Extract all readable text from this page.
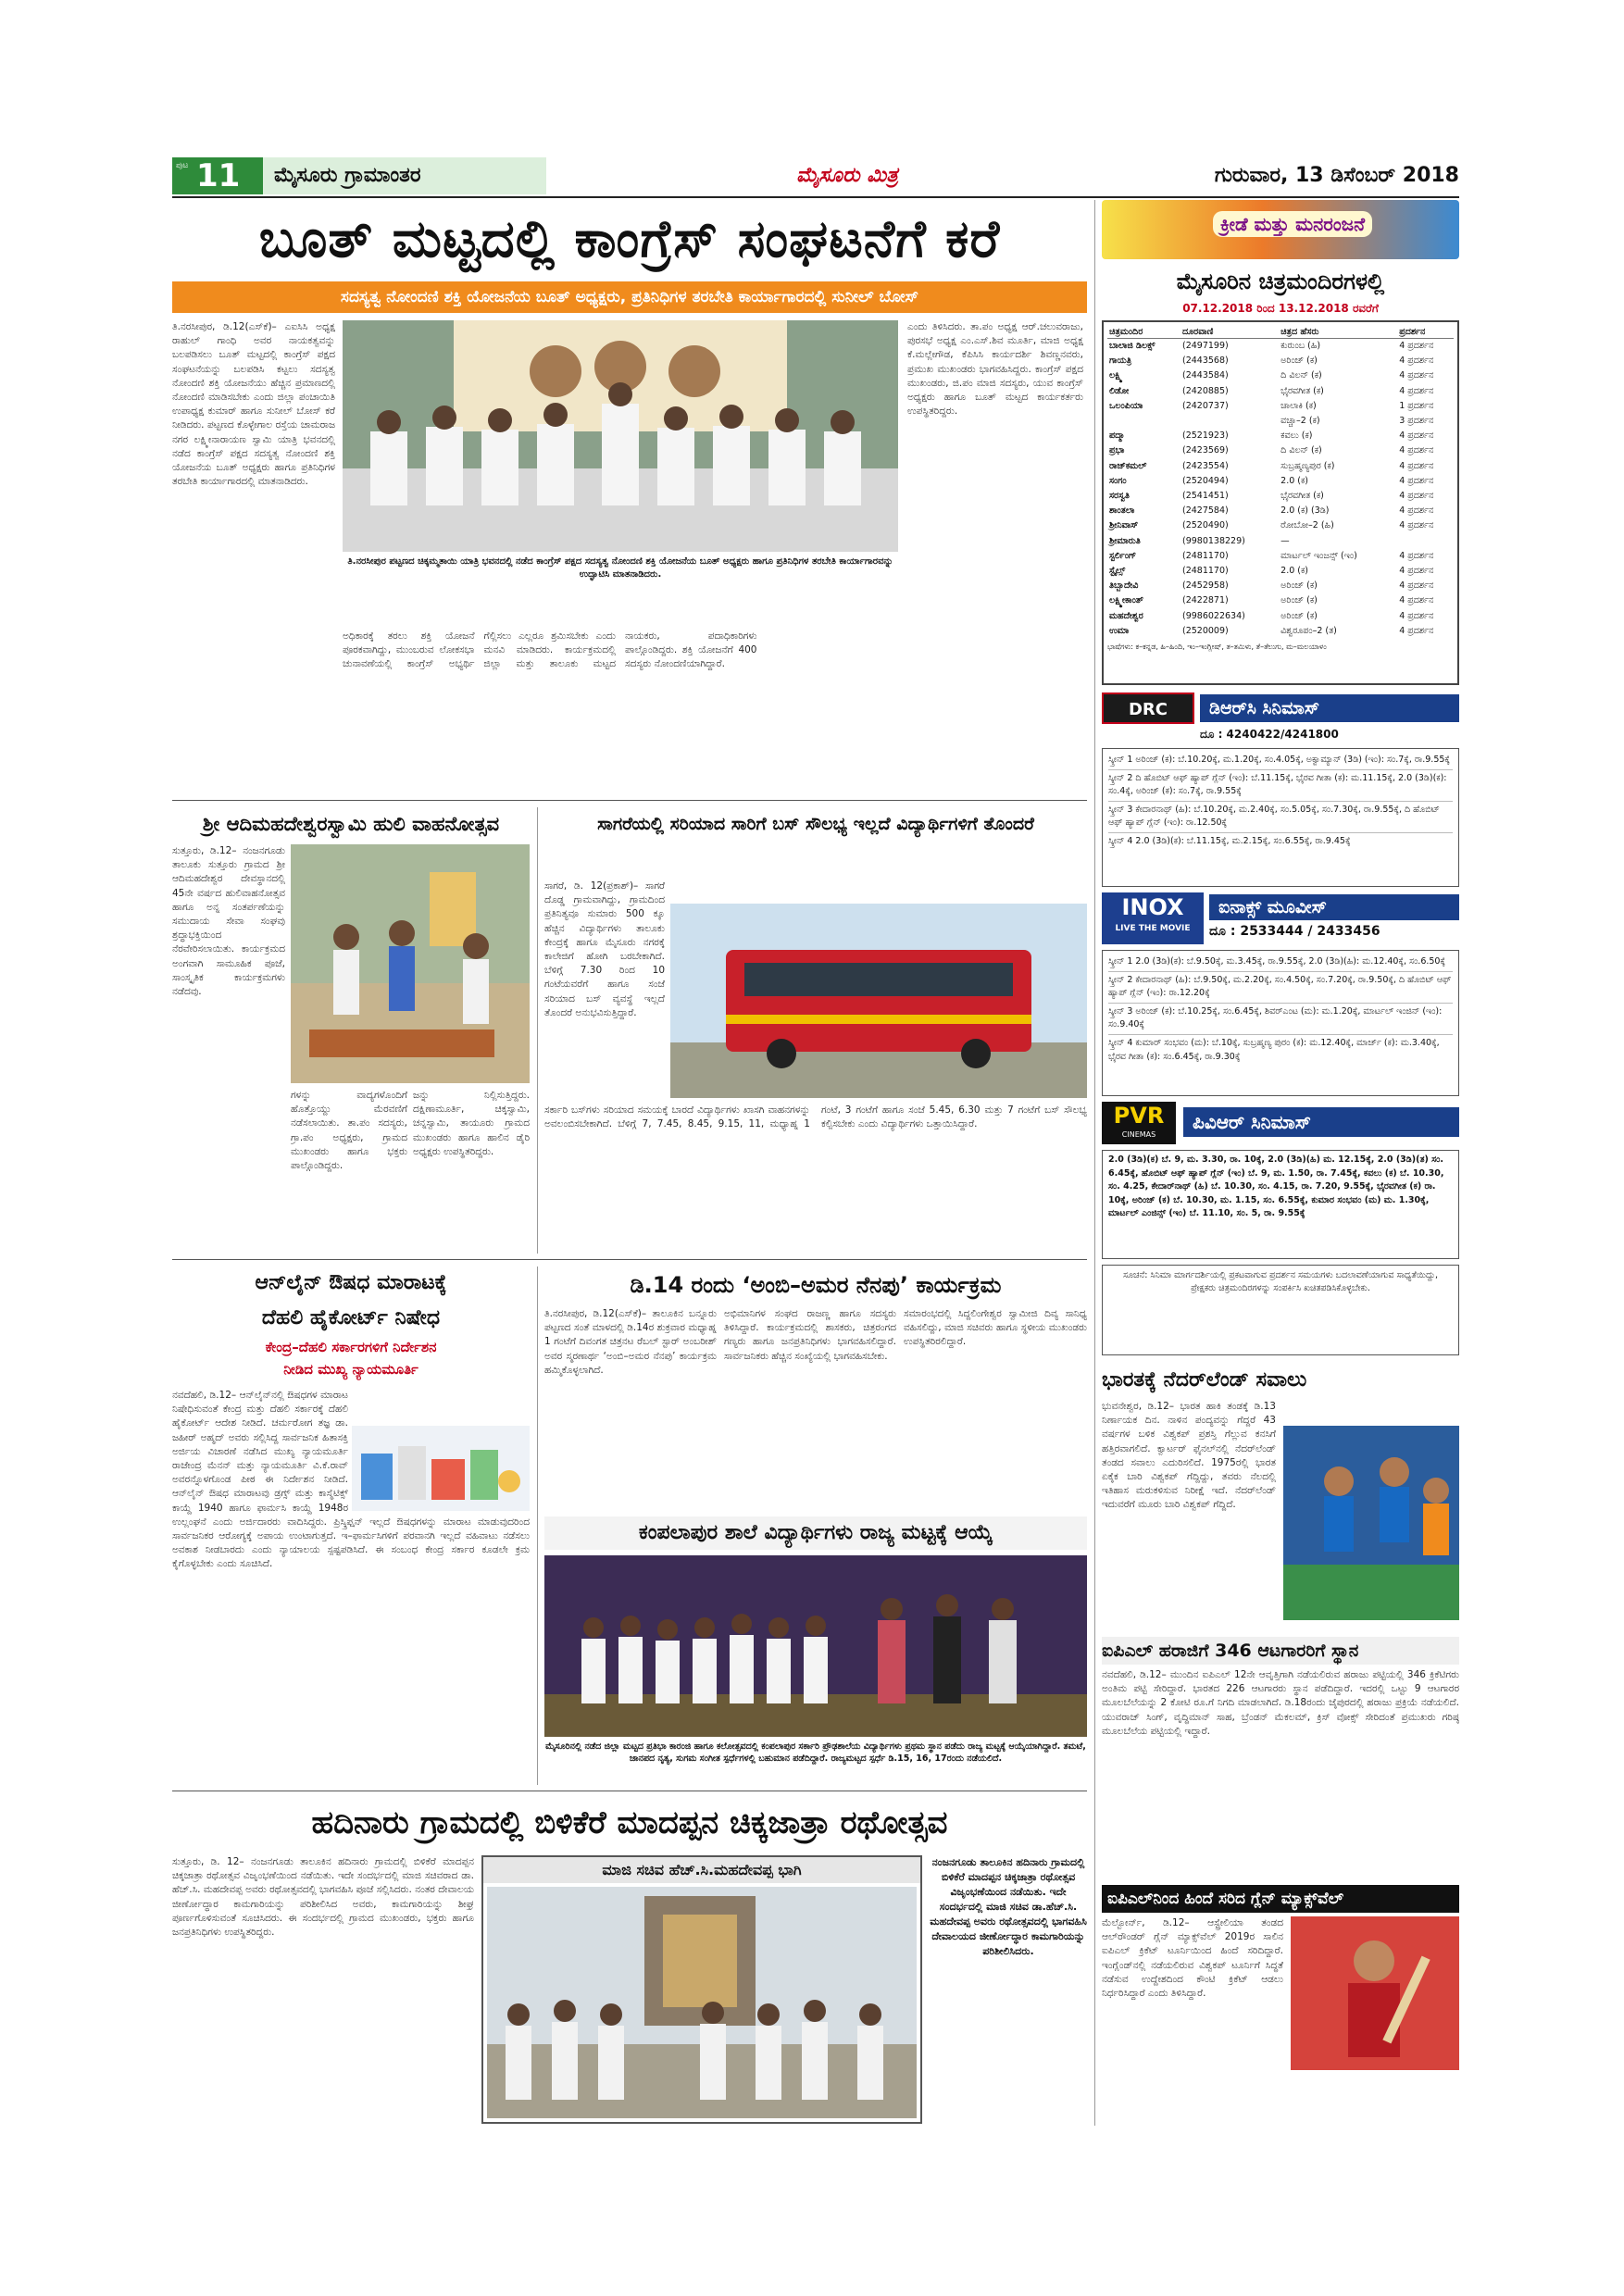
ಪುಟ 11	ಮೈಸೂರು ಗ್ರಾಮಾಂತರ	ಮೈಸೂರು ಮಿತ್ರ	ಗುರುವಾರ, 13 ಡಿಸೆಂಬರ್ 2018
ಬೂತ್ ಮಟ್ಟದಲ್ಲಿ ಕಾಂಗ್ರೆಸ್ ಸಂಘಟನೆಗೆ ಕರೆ
ಸದಸ್ಯತ್ವ ನೋಂದಣಿ ಶಕ್ತಿ ಯೋಜನೆಯ ಬೂತ್ ಅಧ್ಯಕ್ಷರು, ಪ್ರತಿನಿಧಿಗಳ ತರಬೇತಿ ಕಾರ್ಯಾಗಾರದಲ್ಲಿ ಸುನೀಲ್ ಬೋಸ್
ತಿ.ನರಸೀಪುರ, ಡಿ.12(ಎಸ್‌ಕೆ)– ಎಐಸಿಸಿ ಅಧ್ಯಕ್ಷ ರಾಹುಲ್ ಗಾಂಧಿ ಅವರ ನಾಯಕತ್ವವನ್ನು ಬಲಪಡಿಸಲು ಬೂತ್ ಮಟ್ಟದಲ್ಲಿ ಕಾಂಗ್ರೆಸ್ ಪಕ್ಷದ ಸಂಘಟನೆಯನ್ನು ಬಲಪಡಿಸಿ ಕಟ್ಟಲು ಸದಸ್ಯತ್ವ ನೋಂದಣಿ ಶಕ್ತಿ ಯೋಜನೆಯು ಹೆಚ್ಚಿನ ಪ್ರಮಾಣದಲ್ಲಿ ನೋಂದಣಿ ಮಾಡಿಸಬೇಕು ಎಂದು ಜಿಲ್ಲಾ ಪಂಚಾಯಿತಿ ಉಪಾಧ್ಯಕ್ಷ ಕುಮಾರ್ ಹಾಗೂ ಸುನೀಲ್ ಬೋಸ್ ಕರೆ ನೀಡಿದರು. ಪಟ್ಟಣದ ಕೊಳ್ಳೇಗಾಲ ರಸ್ತೆಯ ಚಾಮರಾಜ ನಗರ ಲಕ್ಷ್ಮೀನಾರಾಯಣ ಸ್ವಾಮಿ ಯಾತ್ರಿ ಭವನದಲ್ಲಿ ನಡೆದ ಕಾಂಗ್ರೆಸ್ ಪಕ್ಷದ ಸದಸ್ಯತ್ವ ನೋಂದಣಿ ಶಕ್ತಿ ಯೋಜನೆಯ ಬೂತ್ ಅಧ್ಯಕ್ಷರು ಹಾಗೂ ಪ್ರತಿನಿಧಿಗಳ ತರಬೇತಿ ಕಾರ್ಯಾಗಾರದಲ್ಲಿ ಮಾತನಾಡಿದರು.
ತಿ.ನರಸೀಪುರ ಪಟ್ಟಣದ ಚಿಕ್ಕಮ್ಮತಾಯಿ ಯಾತ್ರಿ ಭವನದಲ್ಲಿ ನಡೆದ ಕಾಂಗ್ರೆಸ್ ಪಕ್ಷದ ಸದಸ್ಯತ್ವ ನೋಂದಣಿ ಶಕ್ತಿ ಯೋಜನೆಯ ಬೂತ್ ಅಧ್ಯಕ್ಷರು ಹಾಗೂ ಪ್ರತಿನಿಧಿಗಳ ತರಬೇತಿ ಕಾರ್ಯಾಗಾರವನ್ನು ಉದ್ಘಾಟಿಸಿ ಮಾತನಾಡಿದರು.
ಎಂದು ತಿಳಿಸಿದರು. ತಾ.ಪಂ ಅಧ್ಯಕ್ಷ ಆರ್.ಚಲುವರಾಜು, ಪುರಸಭೆ ಅಧ್ಯಕ್ಷ ಎಂ.ಎಸ್.ಶಿವ ಮೂರ್ತಿ, ಮಾಜಿ ಅಧ್ಯಕ್ಷ ಕೆ.ಮಲ್ಲೇಗೌಡ, ಕೆಪಿಸಿಸಿ ಕಾರ್ಯದರ್ಶಿ ಶಿವಣ್ಣನವರು, ಪ್ರಮುಖ ಮುಖಂಡರು ಭಾಗವಹಿಸಿದ್ದರು. ಕಾಂಗ್ರೆಸ್ ಪಕ್ಷದ ಮುಖಂಡರು, ಜಿ.ಪಂ ಮಾಜಿ ಸದಸ್ಯರು, ಯುವ ಕಾಂಗ್ರೆಸ್ ಅಧ್ಯಕ್ಷರು ಹಾಗೂ ಬೂತ್ ಮಟ್ಟದ ಕಾರ್ಯಕರ್ತರು ಉಪಸ್ಥಿತರಿದ್ದರು.
ಅಧಿಕಾರಕ್ಕೆ ತರಲು ಶಕ್ತಿ ಯೋಜನೆ ಪೂರಕವಾಗಿದ್ದು, ಮುಂಬರುವ ಲೋಕಸಭಾ ಚುನಾವಣೆಯಲ್ಲಿ ಕಾಂಗ್ರೆಸ್ ಅಭ್ಯರ್ಥಿ ಗೆಲ್ಲಿಸಲು ಎಲ್ಲರೂ ಶ್ರಮಿಸಬೇಕು ಎಂದು ಮನವಿ ಮಾಡಿದರು. ಕಾರ್ಯಕ್ರಮದಲ್ಲಿ ಜಿಲ್ಲಾ ಮತ್ತು ತಾಲೂಕು ಮಟ್ಟದ ನಾಯಕರು, ಪದಾಧಿಕಾರಿಗಳು ಪಾಲ್ಗೊಂಡಿದ್ದರು. ಶಕ್ತಿ ಯೋಜನೆಗೆ 400 ಸದಸ್ಯರು ನೋಂದಣಿಯಾಗಿದ್ದಾರೆ.
ಕ್ರೀಡೆ ಮತ್ತು ಮನರಂಜನೆ
ಮೈಸೂರಿನ ಚಿತ್ರಮಂದಿರಗಳಲ್ಲಿ
07.12.2018 ರಿಂದ 13.12.2018 ರವರೆಗೆ
ಚಿತ್ರಮಂದಿರ	ದೂರವಾಣಿ	ಚಿತ್ರದ ಹೆಸರು	ಪ್ರದರ್ಶನ
ಬಾಲಾಜಿ ಡಿಲಕ್ಸ್	(2497199)	ಕುರುಂಬ (ಹಿ)	4 ಪ್ರದರ್ಶನ
ಗಾಯತ್ರಿ	(2443568)	ಅರಿಂಜ್ (ಕ)	4 ಪ್ರದರ್ಶನ
ಲಕ್ಷ್ಮಿ	(2443584)	ದಿ ವಿಲನ್ (ಕ)	4 ಪ್ರದರ್ಶನ
ಲಿಡೋ	(2420885)	ಭೈರವಗೀತ (ಕ)	4 ಪ್ರದರ್ಶನ
ಒಲಂಪಿಯಾ	(2420737)	ಚಾಲಾಕಿ (ಕ)	1 ಪ್ರದರ್ಶನ
		ವಚ್ಚಾ–2 (ಕ)	3 ಪ್ರದರ್ಶನ
ಪದ್ಮಾ	(2521923)	ಕವಲು (ಕ)	4 ಪ್ರದರ್ಶನ
ಪ್ರಭಾ	(2423569)	ದಿ ವಿಲನ್ (ಕ)	4 ಪ್ರದರ್ಶನ
ರಾಜ್‌ಕಮಲ್	(2423554)	ಸುಬ್ರಹ್ಮಣ್ಯಪುರ (ಕ)	4 ಪ್ರದರ್ಶನ
ಸಂಗಂ	(2520494)	2.0 (ಕ)	4 ಪ್ರದರ್ಶನ
ಸರಸ್ವತಿ	(2541451)	ಭೈರವಗೀತ (ಕ)	4 ಪ್ರದರ್ಶನ
ಶಾಂತಲಾ	(2427584)	2.0 (ಕ) (3ಡಿ)	4 ಪ್ರದರ್ಶನ
ಶ್ರೀನಿವಾಸ್	(2520490)	ರೋಬೋ–2 (ಹಿ)	4 ಪ್ರದರ್ಶನ
ಶ್ರೀಮಾರುತಿ	(9980138229)	—	
ಸ್ಟರ್ಲಿಂಗ್	(2481170)	ಮಾರ್ಟಲ್ ಇಂಜನ್ಸ್ (ಇಂ)	4 ಪ್ರದರ್ಶನ
ಸ್ಟೈಲ್ಸ್	(2481170)	2.0 (ಕ)	4 ಪ್ರದರ್ಶನ
ತಿಬ್ಬಾದೇವಿ	(2452958)	ಅರಿಂಜ್ (ಕ)	4 ಪ್ರದರ್ಶನ
ಲಕ್ಷ್ಮೀಕಾಂತ್	(2422871)	ಅರಿಂಜ್ (ಕ)	4 ಪ್ರದರ್ಶನ
ಮಹದೇಶ್ವರ	(9986022634)	ಅರಿಂಜ್ (ಕ)	4 ಪ್ರದರ್ಶನ
ಉಮಾ	(2520009)	ವಿಶ್ವರೂಪಂ–2 (ತ)	4 ಪ್ರದರ್ಶನ
ಭಾಷೆಗಳು: ಕ–ಕನ್ನಡ, ಹಿ–ಹಿಂದಿ, ಇಂ–ಇಂಗ್ಲೀಷ್, ತ–ತಮಿಳು, ತೆ–ತೆಲುಗು, ಮ–ಮಲಯಾಳಂ
DRC	ಡಿಆರ್‌ಸಿ ಸಿನಿಮಾಸ್
ದೂ : 4240422/4241800
ಸ್ಕ್ರೀನ್ 1 ಅರಿಂಜ್ (ಕ): ಬೆ.10.20ಕ್ಕೆ, ಮ.1.20ಕ್ಕೆ, ಸಂ.4.05ಕ್ಕೆ, ಅಕ್ವಾಮ್ಯಾನ್ (3ಡಿ) (ಇಂ): ಸಂ.7ಕ್ಕೆ, ರಾ.9.55ಕ್ಕೆ
ಸ್ಕ್ರೀನ್ 2 ದಿ ಹೊಬಿಟ್ ಆಫ್ ಹ್ಯಾಪ್ ಗ್ಲೆನ್ (ಇಂ): ಬೆ.11.15ಕ್ಕೆ, ಭೈರವ ಗೀತಾ (ಕ): ಮ.11.15ಕ್ಕೆ, 2.0 (3ಡಿ)(ಕ): ಸಂ.4ಕ್ಕೆ, ಅರಿಂಜ್ (ಕ): ಸಂ.7ಕ್ಕೆ, ರಾ.9.55ಕ್ಕೆ
ಸ್ಕ್ರೀನ್ 3 ಕೇದಾರನಾಥ್ (ಹಿ): ಬೆ.10.20ಕ್ಕೆ, ಮ.2.40ಕ್ಕೆ, ಸಂ.5.05ಕ್ಕೆ, ಸಂ.7.30ಕ್ಕೆ, ರಾ.9.55ಕ್ಕೆ, ದಿ ಹೊಬಿಟ್ ಆಫ್ ಹ್ಯಾಪ್ ಗ್ಲೆನ್ (ಇಂ): ರಾ.12.50ಕ್ಕೆ
ಸ್ಕ್ರೀನ್ 4 2.0 (3ಡಿ)(ಕ): ಬೆ.11.15ಕ್ಕೆ, ಮ.2.15ಕ್ಕೆ, ಸಂ.6.55ಕ್ಕೆ, ರಾ.9.45ಕ್ಕೆ
INOX
LIVE THE MOVIE
ಐನಾಕ್ಸ್ ಮೂವೀಸ್
ದೂ : 2533444 / 2433456
ಸ್ಕ್ರೀನ್ 1 2.0 (3ಡಿ)(ಕ): ಬೆ.9.50ಕ್ಕೆ, ಮ.3.45ಕ್ಕೆ, ರಾ.9.55ಕ್ಕೆ, 2.0 (3ಡಿ)(ಹಿ): ಮ.12.40ಕ್ಕೆ, ಸಂ.6.50ಕ್ಕೆ
ಸ್ಕ್ರೀನ್ 2 ಕೇದಾರನಾಥ್ (ಹಿ): ಬೆ.9.50ಕ್ಕೆ, ಮ.2.20ಕ್ಕೆ, ಸಂ.4.50ಕ್ಕೆ, ಸಂ.7.20ಕ್ಕೆ, ರಾ.9.50ಕ್ಕೆ, ದಿ ಹೊಬಿಟ್ ಆಫ್ ಹ್ಯಾಪ್ ಗ್ಲೆನ್ (ಇಂ): ರಾ.12.20ಕ್ಕೆ
ಸ್ಕ್ರೀನ್ 3 ಅರಿಂಜ್ (ಕ): ಬೆ.10.25ಕ್ಕೆ, ಸಂ.6.45ಕ್ಕೆ, ಶಿವರ್‌ಎಂಟ (ಮ): ಮ.1.20ಕ್ಕೆ, ಮಾರ್ಟಲ್ ಇಂಜಿನ್ (ಇಂ): ಸಂ.9.40ಕ್ಕೆ
ಸ್ಕ್ರೀನ್ 4 ಕುಮಾರ್ ಸಂಭವಂ (ಮ): ಬೆ.10ಕ್ಕೆ, ಸುಬ್ರಹ್ಮಣ್ಯ ಪುರಂ (ಕ): ಮ.12.40ಕ್ಕೆ, ಮಾರ್ಜ್ (ಕ): ಮ.3.40ಕ್ಕೆ, ಭೈರವ ಗೀತಾ (ಕ): ಸಂ.6.45ಕ್ಕೆ, ರಾ.9.30ಕ್ಕೆ
PVR
CINEMAS
ಪಿವಿಆರ್ ಸಿನಿಮಾಸ್
2.0 (3ಡಿ)(ಕ) ಬೆ. 9, ಮ. 3.30, ರಾ. 10ಕ್ಕೆ, 2.0 (3ಡಿ)(ಹಿ) ಮ. 12.15ಕ್ಕೆ, 2.0 (3ಡಿ)(ತ) ಸಂ. 6.45ಕ್ಕೆ, ಹೊಬಿಟ್ ಆಫ್ ಹ್ಯಾಪ್ ಗ್ಲೆನ್ (ಇಂ) ಬೆ. 9, ಮ. 1.50, ರಾ. 7.45ಕ್ಕೆ, ಕವಲು (ಕ) ಬೆ. 10.30, ಸಂ. 4.25, ಕೇದಾರ್‌ನಾಥ್ (ಹಿ) ಬೆ. 10.30, ಸಂ. 4.15, ರಾ. 7.20, 9.55ಕ್ಕೆ, ಭೈರವಗೀತ (ಕ) ರಾ. 10ಕ್ಕೆ, ಅರಿಂಜ್ (ಕ) ಬೆ. 10.30, ಮ. 1.15, ಸಂ. 6.55ಕ್ಕೆ, ಕುಮಾರ ಸಂಭವಂ (ಮ) ಮ. 1.30ಕ್ಕೆ, ಮಾರ್ಟಲ್ ಎಂಜಿನ್ಸ್ (ಇಂ) ಬೆ. 11.10, ಸಂ. 5, ರಾ. 9.55ಕ್ಕೆ
ಸೂಚನೆ: ಸಿನಿಮಾ ಮಾರ್ಗದರ್ಶಿಯಲ್ಲಿ ಪ್ರಕಟವಾಗುವ ಪ್ರದರ್ಶನ ಸಮಯಗಳು ಬದಲಾವಣೆಯಾಗುವ ಸಾಧ್ಯತೆಯಿದ್ದು, ಪ್ರೇಕ್ಷಕರು ಚಿತ್ರಮಂದಿರಗಳನ್ನು ಸಂಪರ್ಕಿಸಿ ಖಚಿತಪಡಿಸಿಕೊಳ್ಳಬೇಕು.
ಭಾರತಕ್ಕೆ ನೆದರ್‌ಲೆಂಡ್ ಸವಾಲು
ಭುವನೇಶ್ವರ, ಡಿ.12– ಭಾರತ ಹಾಕಿ ತಂಡಕ್ಕೆ ಡಿ.13 ನಿರ್ಣಾಯಕ ದಿನ. ನಾಳಿನ ಪಂದ್ಯವನ್ನು ಗೆದ್ದರೆ 43 ವರ್ಷಗಳ ಬಳಿಕ ವಿಶ್ವಕಪ್ ಪ್ರಶಸ್ತಿ ಗೆಲ್ಲುವ ಕನಸಿಗೆ ಹತ್ತಿರವಾಗಲಿದೆ. ಕ್ವಾರ್ಟರ್ ಫೈನಲ್‌ನಲ್ಲಿ ನೆದರ್‌ಲೆಂಡ್ ತಂಡದ ಸವಾಲು ಎದುರಿಸಲಿದೆ. 1975ರಲ್ಲಿ ಭಾರತ ಏಕೈಕ ಬಾರಿ ವಿಶ್ವಕಪ್ ಗೆದ್ದಿದ್ದು, ತವರು ನೆಲದಲ್ಲಿ ಇತಿಹಾಸ ಮರುಕಳಿಸುವ ನಿರೀಕ್ಷೆ ಇದೆ. ನೆದರ್‌ಲೆಂಡ್ ಇದುವರೆಗೆ ಮೂರು ಬಾರಿ ವಿಶ್ವಕಪ್ ಗೆದ್ದಿದೆ.
ಐಪಿಎಲ್ ಹರಾಜಿಗೆ 346 ಆಟಗಾರರಿಗೆ ಸ್ಥಾನ
ನವದೆಹಲಿ, ಡಿ.12– ಮುಂದಿನ ಐಪಿಎಲ್ 12ನೇ ಆವೃತ್ತಿಗಾಗಿ ನಡೆಯಲಿರುವ ಹರಾಜು ಪಟ್ಟಿಯಲ್ಲಿ 346 ಕ್ರಿಕೆಟಿಗರು ಅಂತಿಮ ಪಟ್ಟಿ ಸೇರಿದ್ದಾರೆ. ಭಾರತದ 226 ಆಟಗಾರರು ಸ್ಥಾನ ಪಡೆದಿದ್ದಾರೆ. ಇದರಲ್ಲಿ ಒಟ್ಟು 9 ಆಟಗಾರರ ಮೂಲಬೆಲೆಯನ್ನು 2 ಕೋಟಿ ರೂ.ಗೆ ನಿಗದಿ ಮಾಡಲಾಗಿದೆ. ಡಿ.18ರಂದು ಜೈಪುರದಲ್ಲಿ ಹರಾಜು ಪ್ರಕ್ರಿಯೆ ನಡೆಯಲಿದೆ. ಯುವರಾಜ್ ಸಿಂಗ್, ವೃದ್ಧಿಮಾನ್ ಸಾಹ, ಬ್ರೆಂಡನ್ ಮೆಕಲಮ್, ಕ್ರಿಸ್ ವೋಕ್ಸ್ ಸೇರಿದಂತೆ ಪ್ರಮುಖರು ಗರಿಷ್ಠ ಮೂಲಬೆಲೆಯ ಪಟ್ಟಿಯಲ್ಲಿ ಇದ್ದಾರೆ.
ಐಪಿಎಲ್‌ನಿಂದ ಹಿಂದೆ ಸರಿದ ಗ್ಲೆನ್ ಮ್ಯಾಕ್ಸ್‌ವೆಲ್
ಮೆಲ್ಬೋರ್ನ್, ಡಿ.12– ಆಸ್ಟ್ರೇಲಿಯಾ ತಂಡದ ಆಲ್‌ರೌಂಡರ್ ಗ್ಲೆನ್ ಮ್ಯಾಕ್ಸ್‌ವೆಲ್ 2019ರ ಸಾಲಿನ ಐಪಿಎಲ್ ಕ್ರಿಕೆಟ್ ಟೂರ್ನಿಯಿಂದ ಹಿಂದೆ ಸರಿದಿದ್ದಾರೆ. ಇಂಗ್ಲೆಂಡ್‌ನಲ್ಲಿ ನಡೆಯಲಿರುವ ವಿಶ್ವಕಪ್ ಟೂರ್ನಿಗೆ ಸಿದ್ಧತೆ ನಡೆಸುವ ಉದ್ದೇಶದಿಂದ ಕೌಂಟಿ ಕ್ರಿಕೆಟ್ ಆಡಲು ನಿರ್ಧರಿಸಿದ್ದಾರೆ ಎಂದು ತಿಳಿಸಿದ್ದಾರೆ.
ಶ್ರೀ ಆದಿಮಹದೇಶ್ವರಸ್ವಾಮಿ ಹುಲಿ ವಾಹನೋತ್ಸವ
ಸುತ್ತೂರು, ಡಿ.12– ನಂಜನಗೂಡು ತಾಲೂಕು ಸುತ್ತೂರು ಗ್ರಾಮದ ಶ್ರೀ ಆದಿಮಹದೇಶ್ವರ ದೇವಸ್ಥಾನದಲ್ಲಿ 45ನೇ ವರ್ಷದ ಹುಲಿವಾಹನೋತ್ಸವ ಹಾಗೂ ಅನ್ನ ಸಂತರ್ಪಣೆಯನ್ನು ಸಮುದಾಯ ಸೇವಾ ಸಂಘವು ಶ್ರದ್ಧಾಭಕ್ತಿಯಿಂದ ನೆರವೇರಿಸಲಾಯಿತು. ಕಾರ್ಯಕ್ರಮದ ಅಂಗವಾಗಿ ಸಾಮೂಹಿಕ ಪೂಜೆ, ಸಾಂಸ್ಕೃತಿಕ ಕಾರ್ಯಕ್ರಮಗಳು ನಡೆದವು.
ಗಳನ್ನು ವಾದ್ಯಗಳೊಂದಿಗೆ ಹೊತ್ತೊಯ್ದು ಮೆರವಣಿಗೆ ನಡೆಸಲಾಯಿತು. ತಾ.ಪಂ ಸದಸ್ಯರು, ಗ್ರಾ.ಪಂ ಅಧ್ಯಕ್ಷರು, ಗ್ರಾಮದ ಮುಖಂಡರು ಹಾಗೂ ಭಕ್ತರು ಪಾಲ್ಗೊಂಡಿದ್ದರು.
ಜನ್ನು ನಿಲ್ಲಿಸುತ್ತಿದ್ದರು. ದಕ್ಷಿಣಾಮೂರ್ತಿ, ಚಿಕ್ಕಸ್ವಾಮಿ, ಚನ್ನಸ್ವಾಮಿ, ತಾಯೂರು ಗ್ರಾಮದ ಮುಖಂಡರು ಹಾಗೂ ಹಾಲಿನ ಡೈರಿ ಅಧ್ಯಕ್ಷರು ಉಪಸ್ಥಿತರಿದ್ದರು.
ಸಾಗರೆಯಲ್ಲಿ ಸರಿಯಾದ ಸಾರಿಗೆ ಬಸ್ ಸೌಲಭ್ಯ ಇಲ್ಲದೆ ವಿದ್ಯಾರ್ಥಿಗಳಿಗೆ ತೊಂದರೆ
ಸಾಗರೆ, ಡಿ. 12(ಪ್ರಕಾಶ್)– ಸಾಗರೆ ದೊಡ್ಡ ಗ್ರಾಮವಾಗಿದ್ದು, ಗ್ರಾಮದಿಂದ ಪ್ರತಿನಿತ್ಯವೂ ಸುಮಾರು 500 ಕ್ಕೂ ಹೆಚ್ಚಿನ ವಿದ್ಯಾರ್ಥಿಗಳು ತಾಲೂಕು ಕೇಂದ್ರಕ್ಕೆ ಹಾಗೂ ಮೈಸೂರು ನಗರಕ್ಕೆ ಕಾಲೇಜಿಗೆ ಹೋಗಿ ಬರಬೇಕಾಗಿದೆ. ಬೆಳಿಗ್ಗೆ 7.30 ರಿಂದ 10 ಗಂಟೆಯವರೆಗೆ ಹಾಗೂ ಸಂಜೆ ಸರಿಯಾದ ಬಸ್ ವ್ಯವಸ್ಥೆ ಇಲ್ಲದೆ ತೊಂದರೆ ಅನುಭವಿಸುತ್ತಿದ್ದಾರೆ.
ಸರ್ಕಾರಿ ಬಸ್‌ಗಳು ಸರಿಯಾದ ಸಮಯಕ್ಕೆ ಬಾರದೆ ವಿದ್ಯಾರ್ಥಿಗಳು ಖಾಸಗಿ ವಾಹನಗಳನ್ನು ಅವಲಂಬಿಸಬೇಕಾಗಿದೆ. ಬೆಳಿಗ್ಗೆ 7, 7.45, 8.45, 9.15, 11, ಮಧ್ಯಾಹ್ನ 1 ಗಂಟೆ, 3 ಗಂಟೆಗೆ ಹಾಗೂ ಸಂಜೆ 5.45, 6.30 ಮತ್ತು 7 ಗಂಟೆಗೆ ಬಸ್ ಸೌಲಭ್ಯ ಕಲ್ಪಿಸಬೇಕು ಎಂದು ವಿದ್ಯಾರ್ಥಿಗಳು ಒತ್ತಾಯಿಸಿದ್ದಾರೆ.
ಆನ್‌ಲೈನ್ ಔಷಧ ಮಾರಾಟಕ್ಕೆ
ದೆಹಲಿ ಹೈಕೋರ್ಟ್ ನಿಷೇಧ
ಕೇಂದ್ರ–ದೆಹಲಿ ಸರ್ಕಾರಗಳಿಗೆ ನಿರ್ದೇಶನ
ನೀಡಿದ ಮುಖ್ಯ ನ್ಯಾಯಮೂರ್ತಿ
ನವದೆಹಲಿ, ಡಿ.12– ಆನ್‌ಲೈನ್‌ನಲ್ಲಿ ಔಷಧಗಳ ಮಾರಾಟ ನಿಷೇಧಿಸುವಂತೆ ಕೇಂದ್ರ ಮತ್ತು ದೆಹಲಿ ಸರ್ಕಾರಕ್ಕೆ ದೆಹಲಿ ಹೈಕೋರ್ಟ್ ಆದೇಶ ನೀಡಿದೆ. ಚರ್ಮರೋಗ ತಜ್ಞ ಡಾ. ಜಹೀರ್ ಅಹ್ಮದ್ ಅವರು ಸಲ್ಲಿಸಿದ್ದ ಸಾರ್ವಜನಿಕ ಹಿತಾಸಕ್ತಿ ಅರ್ಜಿಯ ವಿಚಾರಣೆ ನಡೆಸಿದ ಮುಖ್ಯ ನ್ಯಾಯಮೂರ್ತಿ ರಾಜೇಂದ್ರ ಮೆನನ್ ಮತ್ತು ನ್ಯಾಯಮೂರ್ತಿ ವಿ.ಕೆ.ರಾವ್ ಅವರನ್ನೊಳಗೊಂಡ ಪೀಠ ಈ ನಿರ್ದೇಶನ ನೀಡಿದೆ. ಆನ್‌ಲೈನ್ ಔಷಧ ಮಾರಾಟವು ಡ್ರಗ್ಸ್ ಮತ್ತು ಕಾಸ್ಮೆಟಿಕ್ಸ್ ಕಾಯ್ದೆ 1940 ಹಾಗೂ ಫಾರ್ಮಸಿ ಕಾಯ್ದೆ 1948ರ ಉಲ್ಲಂಘನೆ ಎಂದು ಅರ್ಜಿದಾರರು ವಾದಿಸಿದ್ದರು. ಪ್ರಿಸ್ಕ್ರಿಪ್ಷನ್ ಇಲ್ಲದೆ ಔಷಧಗಳನ್ನು ಮಾರಾಟ ಮಾಡುವುದರಿಂದ ಸಾರ್ವಜನಿಕರ ಆರೋಗ್ಯಕ್ಕೆ ಅಪಾಯ ಉಂಟಾಗುತ್ತದೆ. ಇ–ಫಾರ್ಮಸಿಗಳಿಗೆ ಪರವಾನಗಿ ಇಲ್ಲದೆ ವಹಿವಾಟು ನಡೆಸಲು ಅವಕಾಶ ನೀಡಬಾರದು ಎಂದು ನ್ಯಾಯಾಲಯ ಸ್ಪಷ್ಟಪಡಿಸಿದೆ. ಈ ಸಂಬಂಧ ಕೇಂದ್ರ ಸರ್ಕಾರ ಕೂಡಲೇ ಕ್ರಮ ಕೈಗೊಳ್ಳಬೇಕು ಎಂದು ಸೂಚಿಸಿದೆ.
ಡಿ.14 ರಂದು ‘ಅಂಬಿ–ಅಮರ ನೆನಪು’ ಕಾರ್ಯಕ್ರಮ
ತಿ.ನರಸೀಪುರ, ಡಿ.12(ಎಸ್‌ಕೆ)– ತಾಲೂಕಿನ ಬನ್ನೂರು ಪಟ್ಟಣದ ಸಂತೆ ಮಾಳದಲ್ಲಿ ಡಿ.14ರ ಶುಕ್ರವಾರ ಮಧ್ಯಾಹ್ನ 1 ಗಂಟೆಗೆ ದಿವಂಗತ ಚಿತ್ರನಟ ರೆಬಲ್ ಸ್ಟಾರ್ ಅಂಬರೀಶ್ ಅವರ ಸ್ಮರಣಾರ್ಥ ‘ಅಂಬಿ–ಅಮರ ನೆನಪು’ ಕಾರ್ಯಕ್ರಮ ಹಮ್ಮಿಕೊಳ್ಳಲಾಗಿದೆ.
ಅಭಿಮಾನಿಗಳ ಸಂಘದ ರಾಜಣ್ಣ ಹಾಗೂ ಸದಸ್ಯರು ತಿಳಿಸಿದ್ದಾರೆ. ಕಾರ್ಯಕ್ರಮದಲ್ಲಿ ಶಾಸಕರು, ಚಿತ್ರರಂಗದ ಗಣ್ಯರು ಹಾಗೂ ಜನಪ್ರತಿನಿಧಿಗಳು ಭಾಗವಹಿಸಲಿದ್ದಾರೆ. ಸಾರ್ವಜನಿಕರು ಹೆಚ್ಚಿನ ಸಂಖ್ಯೆಯಲ್ಲಿ ಭಾಗವಹಿಸಬೇಕು.
ಸಮಾರಂಭದಲ್ಲಿ ಸಿದ್ದಲಿಂಗೇಶ್ವರ ಸ್ವಾಮೀಜಿ ದಿವ್ಯ ಸಾನಿಧ್ಯ ವಹಿಸಲಿದ್ದು, ಮಾಜಿ ಸಚಿವರು ಹಾಗೂ ಸ್ಥಳೀಯ ಮುಖಂಡರು ಉಪಸ್ಥಿತರಿರಲಿದ್ದಾರೆ.
ಕಂಪಲಾಪುರ ಶಾಲೆ ವಿದ್ಯಾರ್ಥಿಗಳು ರಾಜ್ಯ ಮಟ್ಟಕ್ಕೆ ಆಯ್ಕೆ
ಮೈಸೂರಿನಲ್ಲಿ ನಡೆದ ಜಿಲ್ಲಾ ಮಟ್ಟದ ಪ್ರತಿಭಾ ಕಾರಂಜಿ ಹಾಗೂ ಕಲೋತ್ಸವದಲ್ಲಿ ಕಂಪಲಾಪುರ ಸರ್ಕಾರಿ ಪ್ರೌಢಶಾಲೆಯ ವಿದ್ಯಾರ್ಥಿಗಳು ಪ್ರಥಮ ಸ್ಥಾನ ಪಡೆದು ರಾಜ್ಯ ಮಟ್ಟಕ್ಕೆ ಆಯ್ಕೆಯಾಗಿದ್ದಾರೆ. ತಮಟೆ, ಜಾನಪದ ನೃತ್ಯ, ಸುಗಮ ಸಂಗೀತ ಸ್ಪರ್ಧೆಗಳಲ್ಲಿ ಬಹುಮಾನ ಪಡೆದಿದ್ದಾರೆ. ರಾಜ್ಯಮಟ್ಟದ ಸ್ಪರ್ಧೆ ಡಿ.15, 16, 17ರಂದು ನಡೆಯಲಿದೆ.
ಹದಿನಾರು ಗ್ರಾಮದಲ್ಲಿ ಬಿಳಿಕೆರೆ ಮಾದಪ್ಪನ ಚಿಕ್ಕಜಾತ್ರಾ ರಥೋತ್ಸವ
ಸುತ್ತೂರು, ಡಿ. 12– ನಂಜನಗೂಡು ತಾಲೂಕಿನ ಹದಿನಾರು ಗ್ರಾಮದಲ್ಲಿ ಬಿಳಿಕೆರೆ ಮಾದಪ್ಪನ ಚಿಕ್ಕಜಾತ್ರಾ ರಥೋತ್ಸವ ವಿಜೃಂಭಣೆಯಿಂದ ನಡೆಯಿತು. ಇದೇ ಸಂದರ್ಭದಲ್ಲಿ ಮಾಜಿ ಸಚಿವರಾದ ಡಾ. ಹೆಚ್.ಸಿ. ಮಹದೇವಪ್ಪ ಅವರು ರಥೋತ್ಸವದಲ್ಲಿ ಭಾಗವಹಿಸಿ ಪೂಜೆ ಸಲ್ಲಿಸಿದರು. ನಂತರ ದೇವಾಲಯ ಜೀರ್ಣೋದ್ಧಾರ ಕಾಮಗಾರಿಯನ್ನು ಪರಿಶೀಲಿಸಿದ ಅವರು, ಕಾಮಗಾರಿಯನ್ನು ಶೀಘ್ರ ಪೂರ್ಣಗೊಳಿಸುವಂತೆ ಸೂಚಿಸಿದರು. ಈ ಸಂದರ್ಭದಲ್ಲಿ ಗ್ರಾಮದ ಮುಖಂಡರು, ಭಕ್ತರು ಹಾಗೂ ಜನಪ್ರತಿನಿಧಿಗಳು ಉಪಸ್ಥಿತರಿದ್ದರು.
ಮಾಜಿ ಸಚಿವ ಹೆಚ್.ಸಿ.ಮಹದೇವಪ್ಪ ಭಾಗಿ	ನಂಜನಗೂಡು ತಾಲೂಕಿನ ಹದಿನಾರು ಗ್ರಾಮದಲ್ಲಿ ಬಿಳಿಕೆರೆ ಮಾದಪ್ಪನ ಚಿಕ್ಕಜಾತ್ರಾ ರಥೋತ್ಸವ ವಿಜೃಂಭಣೆಯಿಂದ ನಡೆಯಿತು. ಇದೇ ಸಂದರ್ಭದಲ್ಲಿ ಮಾಜಿ ಸಚಿವ ಡಾ.ಹೆಚ್.ಸಿ. ಮಹದೇವಪ್ಪ ಅವರು ರಥೋತ್ಸವದಲ್ಲಿ ಭಾಗವಹಿಸಿ ದೇವಾಲಯದ ಜೀರ್ಣೋದ್ಧಾರ ಕಾಮಗಾರಿಯನ್ನು ಪರಿಶೀಲಿಸಿದರು.
